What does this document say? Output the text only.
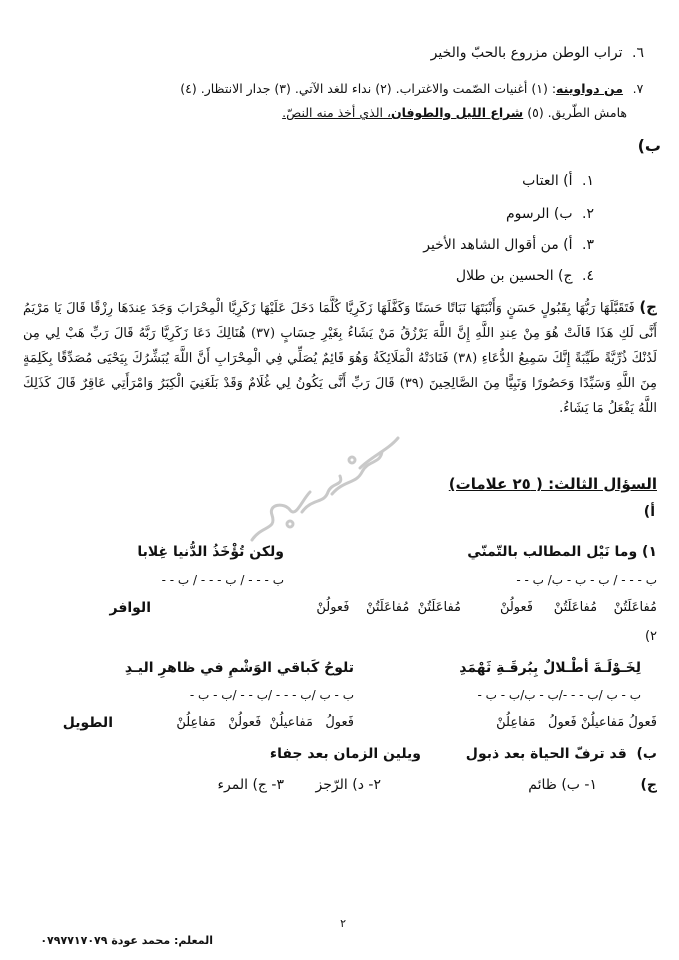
٦. تراب الوطن مزروع بالحبّ والخير
٧. من دواوينه: (١) أغنيات الصّمت والاغتراب. (٢) نداء للغد الآتي. (٣) جدار الانتظار. (٤)
هامش الطّريق. (٥) شراع الليل والطوفان، الذي أخذ منه النصّ.
ب)
١. أ) العتاب
٢. ب) الرسوم
٣. أ) من أقوال الشاهد الأخير
٤. ج) الحسين بن طلال
ج) فَتَقَبَّلَهَا رَبُّهَا بِقَبُولٍ حَسَنٍ وَأَنْبَتَهَا نَبَاتًا حَسَنًا وَكَفَّلَهَا زَكَرِيَّا كُلَّمَا دَخَلَ عَلَيْهَا زَكَرِيَّا الْمِحْرَابَ وَجَدَ عِندَهَا رِزْقًا قَالَ يَا مَرْيَمُ أَنَّى لَكِ هَذَا قَالَتْ هُوَ مِنْ عِندِ اللَّهِ إِنَّ اللَّهَ يَرْزُقُ مَنْ يَشَاءُ بِغَيْرِ حِسَابٍ (٣٧) هُنَالِكَ دَعَا زَكَرِيَّا رَبَّهُ قَالَ رَبِّ هَبْ لِي مِن لَدُنْكَ ذُرِّيَّةً طَيِّبَةً إِنَّكَ سَمِيعُ الدُّعَاءِ (٣٨) فَنَادَتْهُ الْمَلَائِكَةُ وَهُوَ قَائِمٌ يُصَلِّي فِي الْمِحْرَابِ أَنَّ اللَّهَ يُبَشِّرُكَ بِيَحْيَى مُصَدِّقًا بِكَلِمَةٍ مِنَ اللَّهِ وَسَيِّدًا وَحَصُورًا وَنَبِيًّا مِنَ الصَّالِحِينَ (٣٩) قَالَ رَبِّ أَنَّى يَكُونُ لِي غُلَامٌ وَقَدْ بَلَغَنِيَ الْكِبَرُ وَامْرَأَتِي عَاقِرٌ قَالَ كَذَلِكَ اللَّهُ يَفْعَلُ مَا يَشَاءُ.
السؤال الثالث: ( ٢٥ علامات)
أ)
١) وما نَيْل المطالب بالتّمنّي
ولكن تُؤْخَذُ الدُّنيا غِلابا
ب - - - / ب - ب - ب/ ب - -
ب - - - / ب - - - / ب - -
مُفاعَلَتُنْ    مُفاعَلَتُنْ     فَعولُنْ
مُفاعَلَتُنْ  مُفاعَلَتُنْ    فَعولُنْ
الوافر
٢)
لِخَـوْلَـةَ أطْـلالٌ بِبُرقَـةِ ثَهْمَدِ
تلوحُ كَباقي الوَشْمِ في ظاهرِ اليـدِ
ب - ب /ب - - -/ب - ب/ب - ب -
ب - ب /ب - - - /ب - - /ب - ب -
فَعولُ مَفاعيلُنْ فَعولُ   مَفاعِلُنْ
فَعولُ   مَفاعيلُنْ  فَعولُنْ   مَفاعِلُنْ
الطويل
ب)  قد ترفّ الحياة بعد ذبول
ويلين الزمان بعد جفاء
ج)
١- ب) ظائم
٢- د) الرّجز
٣- ج) المرء
٢
المعلم: محمد عودة ٠٧٩٧٧١٧٠٧٩
